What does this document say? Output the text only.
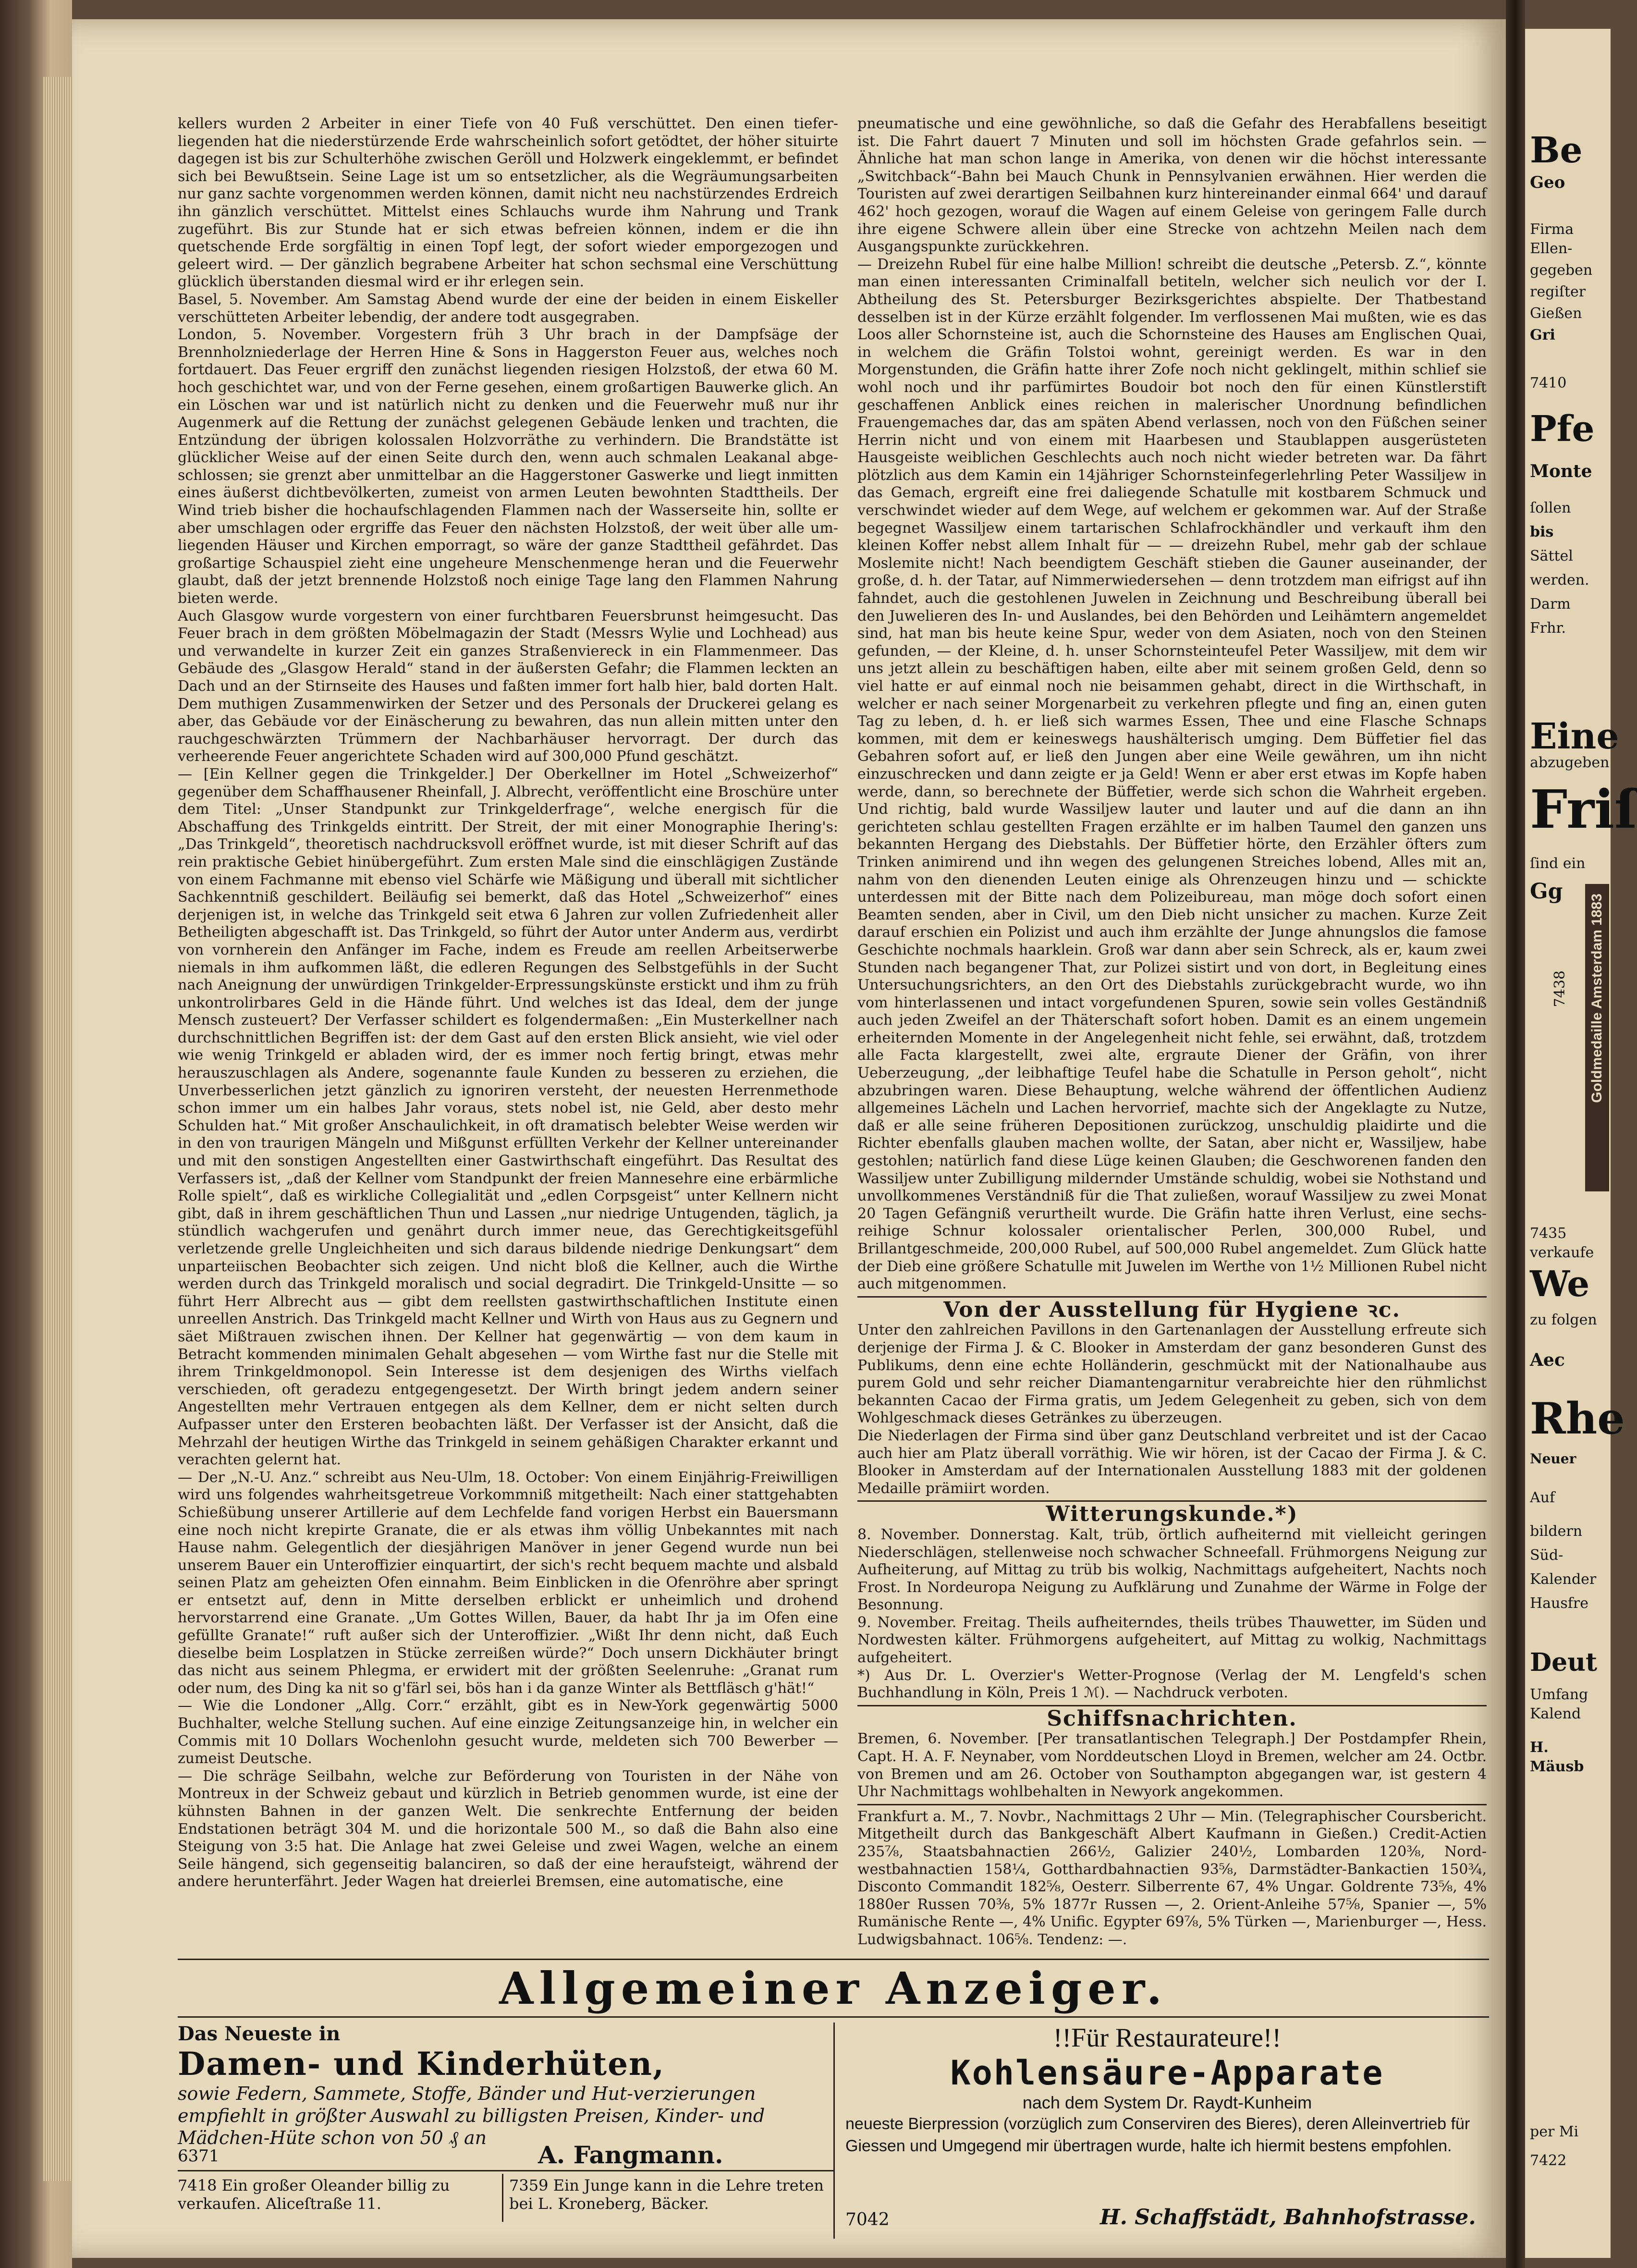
kellers wurden 2 Arbeiter in einer Tiefe von 40 Fuß verschüttet. Den einen tieferliegenden hat die niederstürzende Erde wahrscheinlich sofort getödtet, der höher situirte dagegen ist bis zur Schulterhöhe zwischen Geröll und Holzwerk eingeklemmt, er befindet sich bei Bewußtsein. Seine Lage ist um so entsetzlicher, als die Wegräumungsarbeiten nur ganz sachte vorgenommen werden können, damit nicht neu nachstürzendes Erdreich ihn gänzlich verschüttet. Mittelst eines Schlauchs wurde ihm Nahrung und Trank zugeführt. Bis zur Stunde hat er sich etwas befreien können, indem er die ihn quetschende Erde sorgfältig in einen Topf legt, der sofort wieder emporgezogen und geleert wird. — Der gänzlich begrabene Arbeiter hat schon sechsmal eine Verschüttung glücklich überstanden diesmal wird er ihr erlegen sein.

Basel, 5. November. Am Samstag Abend wurde der eine der beiden in einem Eiskeller verschütteten Arbeiter lebendig, der andere todt ausgegraben.

London, 5. November. Vorgestern früh 3 Uhr brach in der Dampfsäge der Brennholzniederlage der Herren Hine & Sons in Haggerston Feuer aus, welches noch fortdauert. Das Feuer ergriff den zunächst liegenden riesigen Holzstoß, der etwa 60 M. hoch geschichtet war, und von der Ferne gesehen, einem großartigen Bauwerke glich. An ein Löschen war und ist natürlich nicht zu denken und die Feuerwehr muß nur ihr Augenmerk auf die Rettung der zunächst gelegenen Gebäude lenken und trachten, die Entzündung der übrigen kolossalen Holzvorräthe zu verhindern. Die Brandstätte ist glücklicher Weise auf der einen Seite durch den, wenn auch schmalen Leakanal abgeschlossen; sie grenzt aber unmittelbar an die Haggerstoner Gaswerke und liegt inmitten eines äußerst dichtbevölkerten, zumeist von armen Leuten bewohnten Stadttheils. Der Wind trieb bisher die hochaufschlagenden Flammen nach der Wasserseite hin, sollte er aber umschlagen oder ergriffe das Feuer den nächsten Holzstoß, der weit über alle umliegenden Häuser und Kirchen emporragt, so wäre der ganze Stadttheil gefährdet. Das großartige Schauspiel zieht eine ungeheure Menschenmenge heran und die Feuerwehr glaubt, daß der jetzt brennende Holzstoß noch einige Tage lang den Flammen Nahrung bieten werde.

Auch Glasgow wurde vorgestern von einer furchtbaren Feuersbrunst heimgesucht. Das Feuer brach in dem größten Möbelmagazin der Stadt (Messrs Wylie und Lochhead) aus und verwandelte in kurzer Zeit ein ganzes Straßenviereck in ein Flammenmeer. Das Gebäude des „Glasgow Herald“ stand in der äußersten Gefahr; die Flammen leckten an Dach und an der Stirnseite des Hauses und faßten immer fort halb hier, bald dorten Halt. Dem muthigen Zusammenwirken der Setzer und des Personals der Druckerei gelang es aber, das Gebäude vor der Einäscherung zu bewahren, das nun allein mitten unter den rauchgeschwärzten Trümmern der Nachbarhäuser hervorragt. Der durch das verheerende Feuer angerichtete Schaden wird auf 300,000 Pfund geschätzt.

— [Ein Kellner gegen die Trinkgelder.] Der Oberkellner im Hotel „Schweizerhof“ gegenüber dem Schaffhausener Rheinfall, J. Albrecht, veröffentlicht eine Broschüre unter dem Titel: „Unser Standpunkt zur Trinkgelderfrage“, welche energisch für die Abschaffung des Trinkgelds eintritt. Der Streit, der mit einer Monographie Ihering's: „Das Trinkgeld“, theoretisch nachdrucksvoll eröffnet wurde, ist mit dieser Schrift auf das rein praktische Gebiet hinübergeführt. Zum ersten Male sind die einschlägigen Zustände von einem Fachmanne mit ebenso viel Schärfe wie Mäßigung und überall mit sichtlicher Sachkenntniß geschildert. Beiläufig sei bemerkt, daß das Hotel „Schweizerhof“ eines derjenigen ist, in welche das Trinkgeld seit etwa 6 Jahren zur vollen Zufriedenheit aller Betheiligten abgeschafft ist. Das Trinkgeld, so führt der Autor unter Anderm aus, verdirbt von vornherein den Anfänger im Fache, indem es Freude am reellen Arbeitserwerbe niemals in ihm aufkommen läßt, die edleren Regungen des Selbstgefühls in der Sucht nach Aneignung der unwürdigen Trinkgelder-Erpressungskünste erstickt und ihm zu früh unkontrolirbares Geld in die Hände führt. Und welches ist das Ideal, dem der junge Mensch zusteuert? Der Verfasser schildert es folgendermaßen: „Ein Musterkellner nach durchschnittlichen Begriffen ist: der dem Gast auf den ersten Blick ansieht, wie viel oder wie wenig Trinkgeld er abladen wird, der es immer noch fertig bringt, etwas mehr herauszuschlagen als Andere, sogenannte faule Kunden zu besseren zu erziehen, die Unverbesserlichen jetzt gänzlich zu ignoriren versteht, der neuesten Herrenmethode schon immer um ein halbes Jahr voraus, stets nobel ist, nie Geld, aber desto mehr Schulden hat.“ Mit großer Anschaulichkeit, in oft dramatisch belebter Weise werden wir in den von traurigen Mängeln und Mißgunst erfüllten Verkehr der Kellner untereinander und mit den sonstigen Angestellten einer Gastwirthschaft eingeführt. Das Resultat des Verfassers ist, „daß der Kellner vom Standpunkt der freien Mannesehre eine erbärmliche Rolle spielt“, daß es wirkliche Collegialität und „edlen Corpsgeist“ unter Kellnern nicht gibt, daß in ihrem geschäftlichen Thun und Lassen „nur niedrige Untugenden, täglich, ja stündlich wachgerufen und genährt durch immer neue, das Gerechtigkeitsgefühl verletzende grelle Ungleichheiten und sich daraus bildende niedrige Denkungsart“ dem unparteiischen Beobachter sich zeigen. Und nicht bloß die Kellner, auch die Wirthe werden durch das Trinkgeld moralisch und social degradirt. Die Trinkgeld-Unsitte — so führt Herr Albrecht aus — gibt dem reellsten gastwirthschaftlichen Institute einen unreellen Anstrich. Das Trinkgeld macht Kellner und Wirth von Haus aus zu Gegnern und säet Mißtrauen zwischen ihnen. Der Kellner hat gegenwärtig — von dem kaum in Betracht kommenden minimalen Gehalt abgesehen — vom Wirthe fast nur die Stelle mit ihrem Trinkgeldmonopol. Sein Interesse ist dem desjenigen des Wirths vielfach verschieden, oft geradezu entgegengesetzt. Der Wirth bringt jedem andern seiner Angestellten mehr Vertrauen entgegen als dem Kellner, dem er nicht selten durch Aufpasser unter den Ersteren beobachten läßt. Der Verfasser ist der Ansicht, daß die Mehrzahl der heutigen Wirthe das Trinkgeld in seinem gehäßigen Charakter erkannt und verachten gelernt hat.

— Der „N.-U. Anz.“ schreibt aus Neu-Ulm, 18. October: Von einem Einjährig-Freiwilligen wird uns folgendes wahrheitsgetreue Vorkommniß mitgetheilt: Nach einer stattgehabten Schießübung unserer Artillerie auf dem Lechfelde fand vorigen Herbst ein Bauersmann eine noch nicht krepirte Granate, die er als etwas ihm völlig Unbekanntes mit nach Hause nahm. Gelegentlich der diesjährigen Manöver in jener Gegend wurde nun bei unserem Bauer ein Unteroffizier einquartirt, der sich's recht bequem machte und alsbald seinen Platz am geheizten Ofen einnahm. Beim Einblicken in die Ofenröhre aber springt er entsetzt auf, denn in Mitte derselben erblickt er unheimlich und drohend hervorstarrend eine Granate. „Um Gottes Willen, Bauer, da habt Ihr ja im Ofen eine gefüllte Granate!“ ruft außer sich der Unteroffizier. „Wißt Ihr denn nicht, daß Euch dieselbe beim Losplatzen in Stücke zerreißen würde?“ Doch unsern Dickhäuter bringt das nicht aus seinem Phlegma, er erwidert mit der größten Seelenruhe: „Granat rum oder num, des Ding ka nit so g'färl sei, bös han i da ganze Winter als Bettfläsch g'hät!“

— Wie die Londoner „Allg. Corr.“ erzählt, gibt es in New-York gegenwärtig 5000 Buchhalter, welche Stellung suchen. Auf eine einzige Zeitungsanzeige hin, in welcher ein Commis mit 10 Dollars Wochenlohn gesucht wurde, meldeten sich 700 Bewerber — zumeist Deutsche.

— Die schräge Seilbahn, welche zur Beförderung von Touristen in der Nähe von Montreux in der Schweiz gebaut und kürzlich in Betrieb genommen wurde, ist eine der kühnsten Bahnen in der ganzen Welt. Die senkrechte Entfernung der beiden Endstationen beträgt 304 M. und die horizontale 500 M., so daß die Bahn also eine Steigung von 3:5 hat. Die Anlage hat zwei Geleise und zwei Wagen, welche an einem Seile hängend, sich gegenseitig balanciren, so daß der eine heraufsteigt, während der andere herunterfährt. Jeder Wagen hat dreierlei Bremsen, eine automatische, eine

pneumatische und eine gewöhnliche, so daß die Gefahr des Herabfallens beseitigt ist. Die Fahrt dauert 7 Minuten und soll im höchsten Grade gefahrlos sein. — Ähnliche hat man schon lange in Amerika, von denen wir die höchst interessante „Switchback“-Bahn bei Mauch Chunk in Pennsylvanien erwähnen. Hier werden die Touristen auf zwei derartigen Seilbahnen kurz hintereinander einmal 664' und darauf 462' hoch gezogen, worauf die Wagen auf einem Geleise von geringem Falle durch ihre eigene Schwere allein über eine Strecke von achtzehn Meilen nach dem Ausgangspunkte zurückkehren.

— Dreizehn Rubel für eine halbe Million! schreibt die deutsche „Petersb. Z.“, könnte man einen interessanten Criminalfall betiteln, welcher sich neulich vor der I. Abtheilung des St. Petersburger Bezirksgerichtes abspielte. Der Thatbestand desselben ist in der Kürze erzählt folgender. Im verflossenen Mai mußten, wie es das Loos aller Schornsteine ist, auch die Schornsteine des Hauses am Englischen Quai, in welchem die Gräfin Tolstoi wohnt, gereinigt werden. Es war in den Morgenstunden, die Gräfin hatte ihrer Zofe noch nicht geklingelt, mithin schlief sie wohl noch und ihr parfümirtes Boudoir bot noch den für einen Künstlerstift geschaffenen Anblick eines reichen in malerischer Unordnung befindlichen Frauengemaches dar, das am späten Abend verlassen, noch von den Füßchen seiner Herrin nicht und von einem mit Haarbesen und Staublappen ausgerüsteten Hausgeiste weiblichen Geschlechts auch noch nicht wieder betreten war. Da fährt plötzlich aus dem Kamin ein 14jähriger Schornsteinfegerlehrling Peter Wassiljew in das Gemach, ergreift eine frei daliegende Schatulle mit kostbarem Schmuck und verschwindet wieder auf dem Wege, auf welchem er gekommen war. Auf der Straße begegnet Wassiljew einem tartarischen Schlafrockhändler und verkauft ihm den kleinen Koffer nebst allem Inhalt für — — dreizehn Rubel, mehr gab der schlaue Moslemite nicht! Nach beendigtem Geschäft stieben die Gauner auseinander, der große, d. h. der Tatar, auf Nimmerwiedersehen — denn trotzdem man eifrigst auf ihn fahndet, auch die gestohlenen Juwelen in Zeichnung und Beschreibung überall bei den Juwelieren des In- und Auslandes, bei den Behörden und Leihämtern angemeldet sind, hat man bis heute keine Spur, weder von dem Asiaten, noch von den Steinen gefunden, — der Kleine, d. h. unser Schornsteinteufel Peter Wassiljew, mit dem wir uns jetzt allein zu beschäftigen haben, eilte aber mit seinem großen Geld, denn so viel hatte er auf einmal noch nie beisammen gehabt, direct in die Wirthschaft, in welcher er nach seiner Morgenarbeit zu verkehren pflegte und fing an, einen guten Tag zu leben, d. h. er ließ sich warmes Essen, Thee und eine Flasche Schnaps kommen, mit dem er keineswegs haushälterisch umging. Dem Büffetier fiel das Gebahren sofort auf, er ließ den Jungen aber eine Weile gewähren, um ihn nicht einzuschrecken und dann zeigte er ja Geld! Wenn er aber erst etwas im Kopfe haben werde, dann, so berechnete der Büffetier, werde sich schon die Wahrheit ergeben. Und richtig, bald wurde Wassiljew lauter und lauter und auf die dann an ihn gerichteten schlau gestellten Fragen erzählte er im halben Taumel den ganzen uns bekannten Hergang des Diebstahls. Der Büffetier hörte, den Erzähler öfters zum Trinken animirend und ihn wegen des gelungenen Streiches lobend, Alles mit an, nahm von den dienenden Leuten einige als Ohrenzeugen hinzu und — schickte unterdessen mit der Bitte nach dem Polizeibureau, man möge doch sofort einen Beamten senden, aber in Civil, um den Dieb nicht unsicher zu machen. Kurze Zeit darauf erschien ein Polizist und auch ihm erzählte der Junge ahnungslos die famose Geschichte nochmals haarklein. Groß war dann aber sein Schreck, als er, kaum zwei Stunden nach begangener That, zur Polizei sistirt und von dort, in Begleitung eines Untersuchungsrichters, an den Ort des Diebstahls zurückgebracht wurde, wo ihn vom hinterlassenen und intact vorgefundenen Spuren, sowie sein volles Geständniß auch jeden Zweifel an der Thäterschaft sofort hoben. Damit es an einem ungemein erheiternden Momente in der Angelegenheit nicht fehle, sei erwähnt, daß, trotzdem alle Facta klargestellt, zwei alte, ergraute Diener der Gräfin, von ihrer Ueberzeugung, „der leibhaftige Teufel habe die Schatulle in Person geholt“, nicht abzubringen waren. Diese Behauptung, welche während der öffentlichen Audienz allgemeines Lächeln und Lachen hervorrief, machte sich der Angeklagte zu Nutze, daß er alle seine früheren Depositionen zurückzog, unschuldig plaidirte und die Richter ebenfalls glauben machen wollte, der Satan, aber nicht er, Wassiljew, habe gestohlen; natürlich fand diese Lüge keinen Glauben; die Geschworenen fanden den Wassiljew unter Zubilligung mildernder Umstände schuldig, wobei sie Nothstand und unvollkommenes Verständniß für die That zuließen, worauf Wassiljew zu zwei Monat 20 Tagen Gefängniß verurtheilt wurde. Die Gräfin hatte ihren Verlust, eine sechsreihige Schnur kolossaler orientalischer Perlen, 300,000 Rubel, und Brillantgeschmeide, 200,000 Rubel, auf 500,000 Rubel angemeldet. Zum Glück hatte der Dieb eine größere Schatulle mit Juwelen im Werthe von 1½ Millionen Rubel nicht auch mitgenommen.

Von der Ausstellung für Hygiene ꝛc.

Unter den zahlreichen Pavillons in den Gartenanlagen der Ausstellung erfreute sich derjenige der Firma J. & C. Blooker in Amsterdam der ganz besonderen Gunst des Publikums, denn eine echte Holländerin, geschmückt mit der Nationalhaube aus purem Gold und sehr reicher Diamantengarnitur verabreichte hier den rühmlichst bekannten Cacao der Firma gratis, um Jedem Gelegenheit zu geben, sich von dem Wohlgeschmack dieses Getränkes zu überzeugen.

Die Niederlagen der Firma sind über ganz Deutschland verbreitet und ist der Cacao auch hier am Platz überall vorräthig. Wie wir hören, ist der Cacao der Firma J. & C. Blooker in Amsterdam auf der Internationalen Ausstellung 1883 mit der goldenen Medaille prämiirt worden.

Witterungskunde.*)

8. November. Donnerstag. Kalt, trüb, örtlich aufheiternd mit vielleicht geringen Niederschlägen, stellenweise noch schwacher Schneefall. Frühmorgens Neigung zur Aufheiterung, auf Mittag zu trüb bis wolkig, Nachmittags aufgeheitert, Nachts noch Frost. In Nordeuropa Neigung zu Aufklärung und Zunahme der Wärme in Folge der Besonnung.

9. November. Freitag. Theils aufheiterndes, theils trübes Thauwetter, im Süden und Nordwesten kälter. Frühmorgens aufgeheitert, auf Mittag zu wolkig, Nachmittags aufgeheitert.

*) Aus Dr. L. Overzier's Wetter-Prognose (Verlag der M. Lengfeld's schen Buchhandlung in Köln, Preis 1 ℳ). — Nachdruck verboten.

Schiffsnachrichten.

Bremen, 6. November. [Per transatlantischen Telegraph.] Der Postdampfer Rhein, Capt. H. A. F. Neynaber, vom Norddeutschen Lloyd in Bremen, welcher am 24. Octbr. von Bremen und am 26. October von Southampton abgegangen war, ist gestern 4 Uhr Nachmittags wohlbehalten in Newyork angekommen.

Frankfurt a. M., 7. Novbr., Nachmittags 2 Uhr — Min. (Telegraphischer Coursbericht. Mitgetheilt durch das Bankgeschäft Albert Kaufmann in Gießen.) Credit-Actien 235⅞, Staatsbahnactien 266½, Galizier 240½, Lombarden 120⅜, Nordwestbahnactien 158¼, Gotthardbahnactien 93⅝, Darmstädter-Bankactien 150¾, Disconto Commandit 182⅝, Oesterr. Silberrente 67, 4% Ungar. Goldrente 73⅝, 4% 1880er Russen 70⅜, 5% 1877r Russen —, 2. Orient-Anleihe 57⅝, Spanier —, 5% Rumänische Rente —, 4% Unific. Egypter 69⅞, 5% Türken —, Marienburger —, Hess. Ludwigsbahnact. 106⅝. Tendenz: —.

Allgemeiner Anzeiger.
Das Neueste in
Damen- und Kinderhüten,
sowie Federn, Sammete, Stoffe, Bänder und Hut-verzierungen empfiehlt in größter Auswahl zu billigsten Preisen, Kinder- und Mädchen-Hüte schon von 50 ₰ an
6371	A. Fangmann.
!!Für Restaurateure!!
Kohlensäure-Apparate
nach dem System Dr. Raydt-Kunheim
neueste Bierpression (vorzüglich zum Conserviren des Bieres), deren Alleinvertrieb für Giessen und Umgegend mir übertragen wurde, halte ich hiermit bestens empfohlen.
7042	H. Schaffstädt, Bahnhofstrasse.
7418 Ein großer Oleander billig zu verkaufen. Aliceſtraße 11.
7359 Ein Junge kann in die Lehre treten bei L. Kroneberg, Bäcker.
Be
Geo
Firma
Ellen-
gegeben
regiſter
Gießen
Gri
7410
Pfe
Monte
ſollen
bis
Sättel
werden.
Darm
Frhr.
Eine
abzugeben
Friſ
ſind ein
Gg
7435
verkaufe
We
zu folgen
Aec
Rhe
Neuer
Auf
bildern
Süd-
Kalender
Hausfre
Deut
Umfang
Kalend
H.
Mäusb
7422
per Mi
Goldmedaille Amsterdam 1883
7438
